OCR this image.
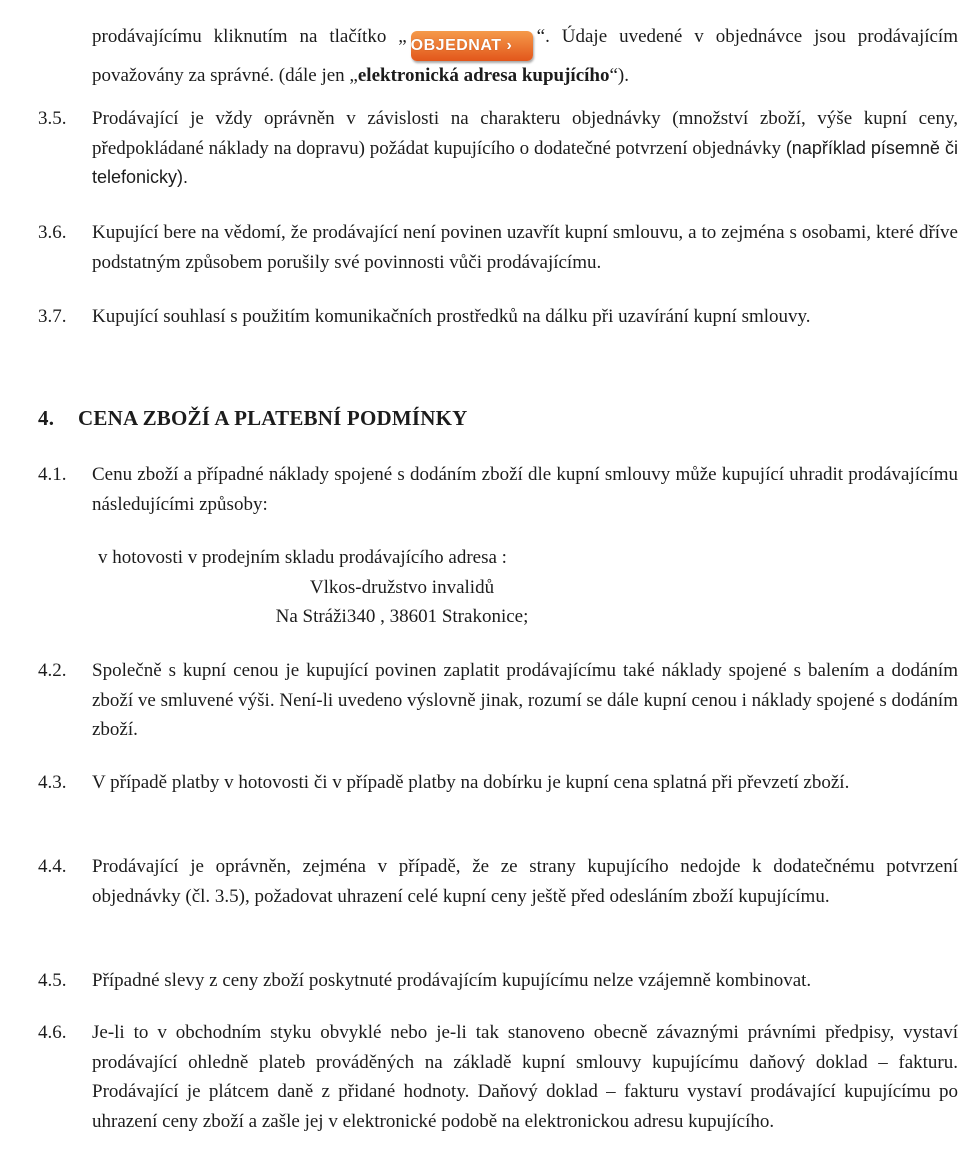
prodávajícímu kliknutím na tlačítko „ OBJEDNAT › “. Údaje uvedené v objednávce jsou prodávajícím považovány za správné. (dále jen „elektronická adresa kupujícího“).
3.5. Prodávající je vždy oprávněn v závislosti na charakteru objednávky (množství zboží, výše kupní ceny, předpokládané náklady na dopravu) požádat kupujícího o dodatečné potvrzení objednávky (například písemně či telefonicky).
3.6. Kupující bere na vědomí, že prodávající není povinen uzavřít kupní smlouvu, a to zejména s osobami, které dříve podstatným způsobem porušily své povinnosti vůči prodávajícímu.
3.7. Kupující souhlasí s použitím komunikačních prostředků na dálku při uzavírání kupní smlouvy.
4. CENA ZBOŽÍ A PLATEBNÍ PODMÍNKY
4.1. Cenu zboží a případné náklady spojené s dodáním zboží dle kupní smlouvy může kupující uhradit prodávajícímu následujícími způsoby:
v hotovosti v prodejním skladu prodávajícího adresa :
Vlkos-družstvo invalidů
Na Stráži340 , 38601 Strakonice;
4.2. Společně s kupní cenou je kupující povinen zaplatit prodávajícímu také náklady spojené s balením a dodáním zboží ve smluvené výši. Není-li uvedeno výslovně jinak, rozumí se dále kupní cenou i náklady spojené s dodáním zboží.
4.3. V případě platby v hotovosti či v případě platby na dobírku je kupní cena splatná při převzetí zboží.
4.4. Prodávající je oprávněn, zejména v případě, že ze strany kupujícího nedojde k dodatečnému potvrzení objednávky (čl. 3.5), požadovat uhrazení celé kupní ceny ještě před odesláním zboží kupujícímu.
4.5. Případné slevy z ceny zboží poskytnuté prodávajícím kupujícímu nelze vzájemně kombinovat.
4.6. Je-li to v obchodním styku obvyklé nebo je-li tak stanoveno obecně závaznými právními předpisy, vystaví prodávající ohledně plateb prováděných na základě kupní smlouvy kupujícímu daňový doklad – fakturu. Prodávající je plátcem daně z přidané hodnoty. Daňový doklad – fakturu vystaví prodávající kupujícímu po uhrazení ceny zboží a zašle jej v elektronické podobě na elektronickou adresu kupujícího.
